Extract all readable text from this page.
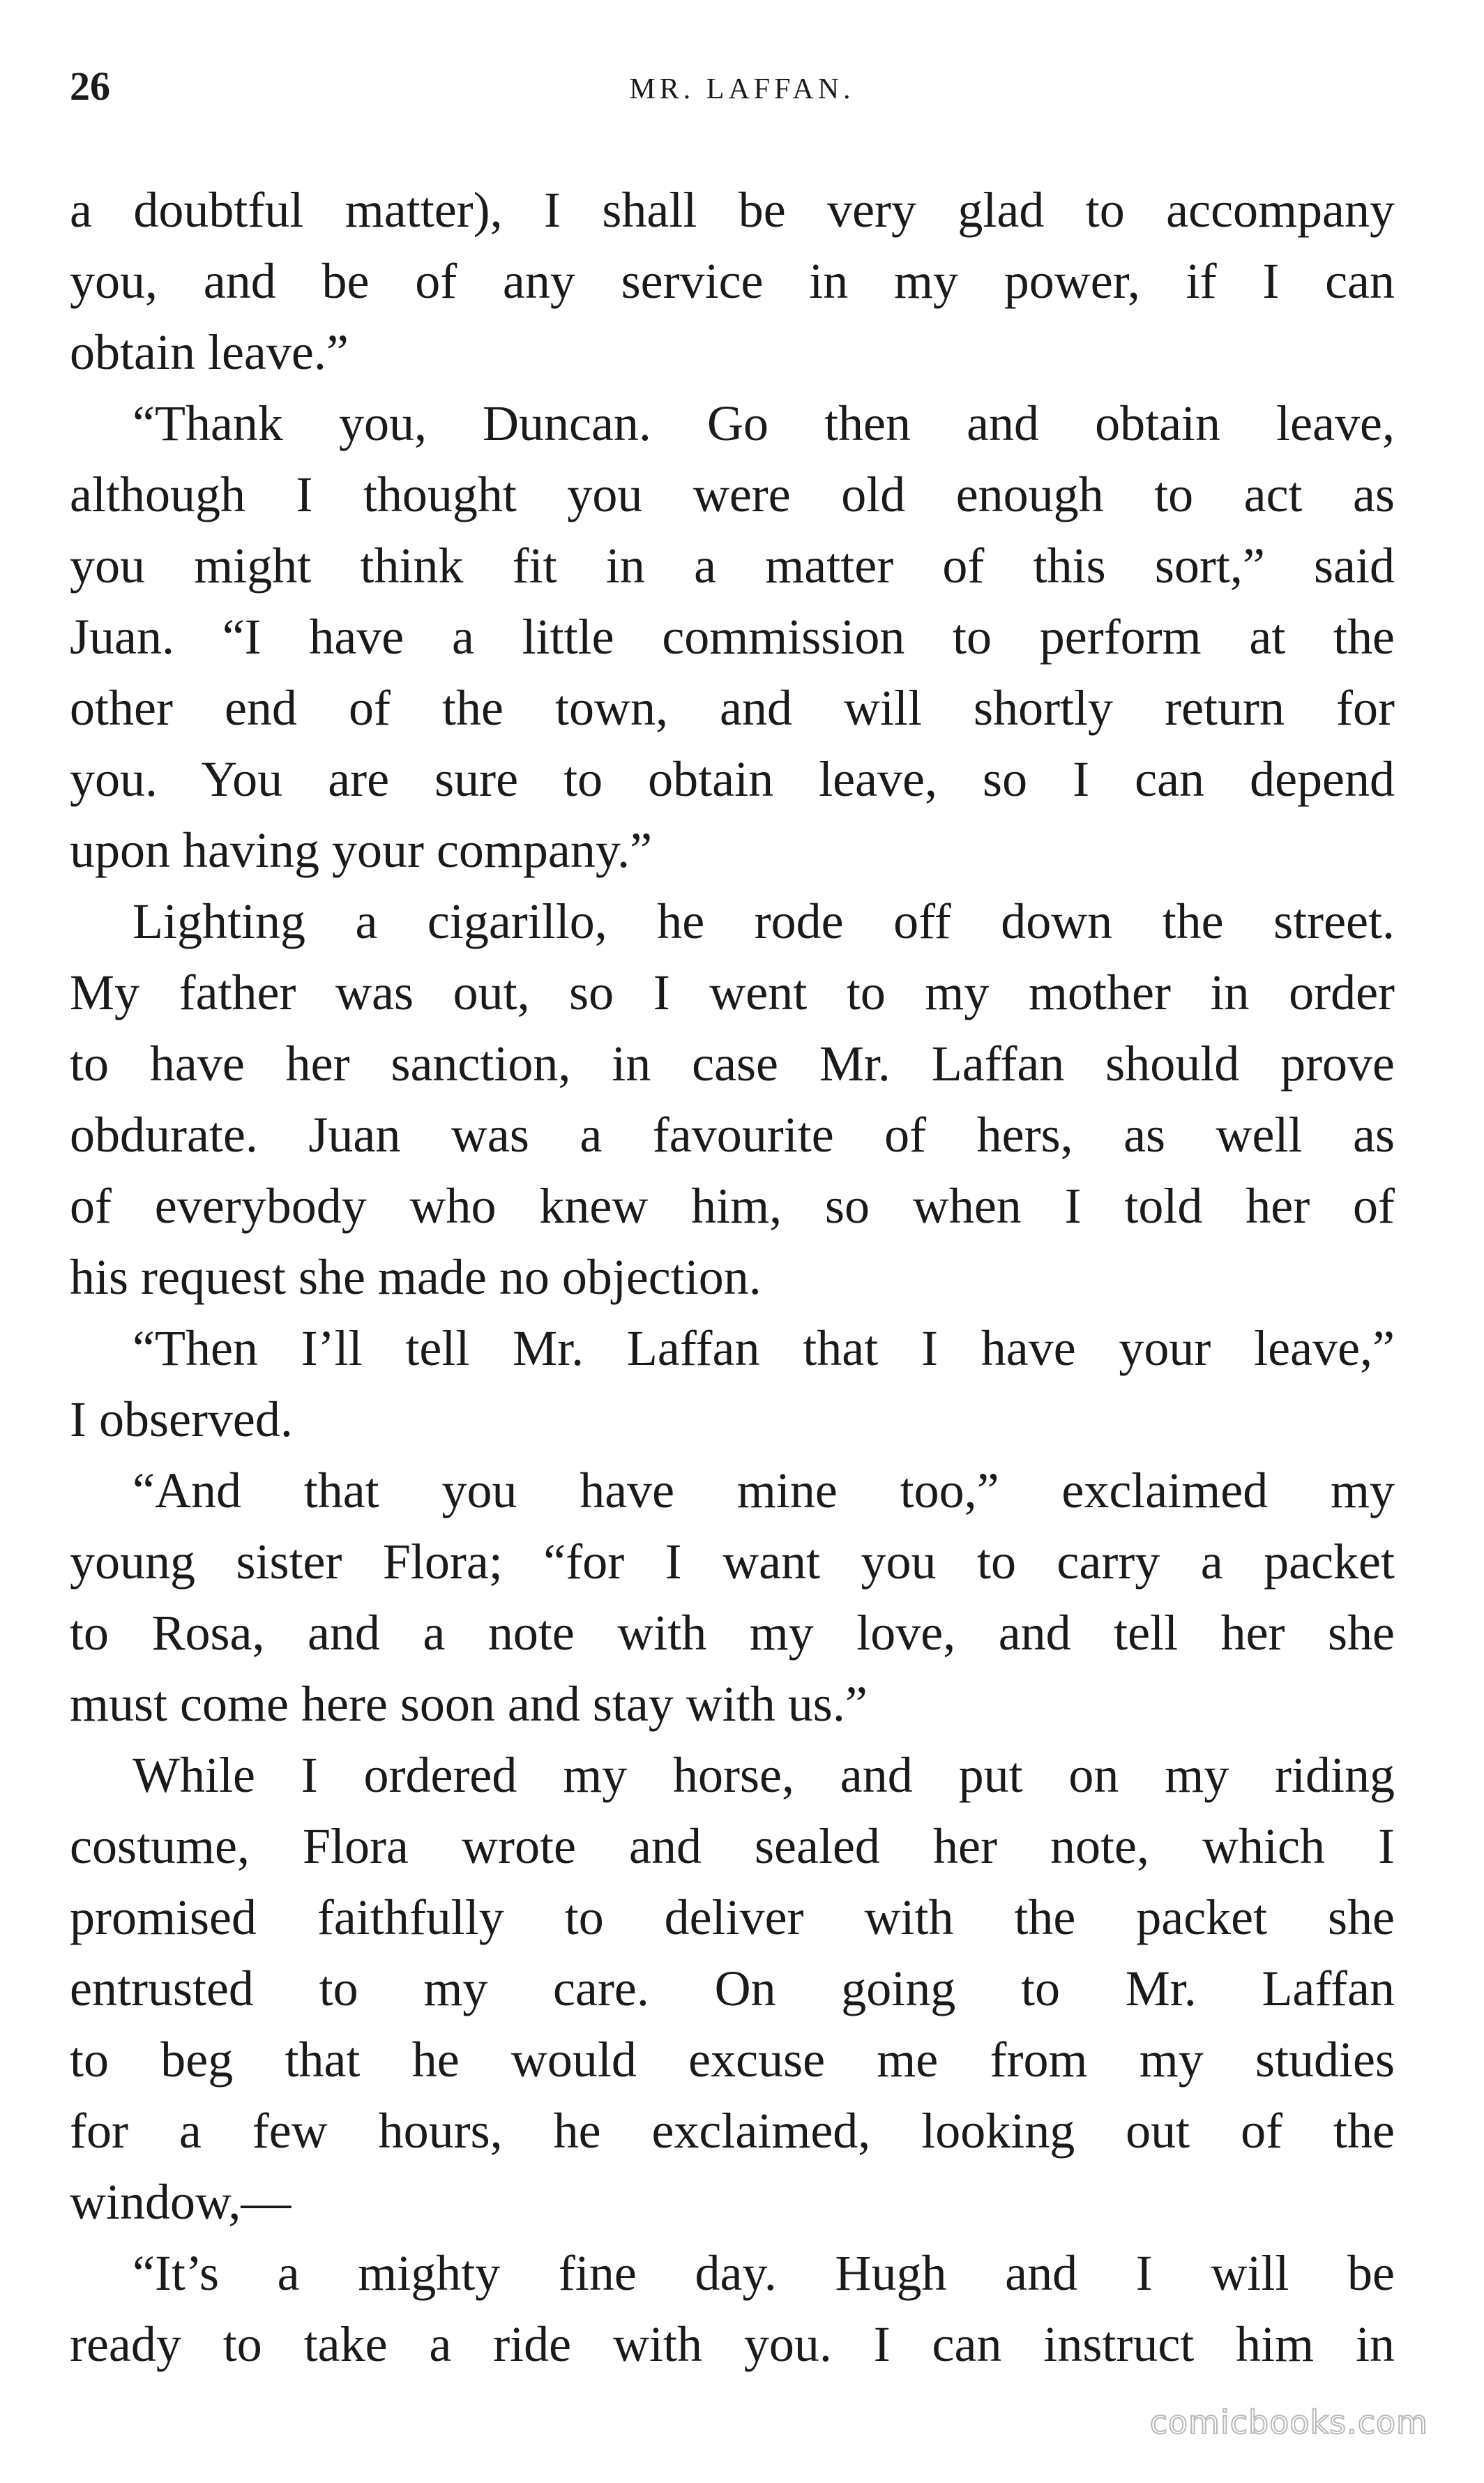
26	MR. LAFFAN.
a doubtful matter), I shall be very glad to accompany
you, and be of any service in my power, if I can
obtain leave.”
“Thank you, Duncan. Go then and obtain leave,
although I thought you were old enough to act as
you might think fit in a matter of this sort,” said
Juan. “I have a little commission to perform at the
other end of the town, and will shortly return for
you. You are sure to obtain leave, so I can depend
upon having your company.”
Lighting a cigarillo, he rode off down the street.
My father was out, so I went to my mother in order
to have her sanction, in case Mr. Laffan should prove
obdurate. Juan was a favourite of hers, as well as
of everybody who knew him, so when I told her of
his request she made no objection.
“Then I’ll tell Mr. Laffan that I have your leave,”
I observed.
“And that you have mine too,” exclaimed my
young sister Flora; “for I want you to carry a packet
to Rosa, and a note with my love, and tell her she
must come here soon and stay with us.”
While I ordered my horse, and put on my riding
costume, Flora wrote and sealed her note, which I
promised faithfully to deliver with the packet she
entrusted to my care. On going to Mr. Laffan
to beg that he would excuse me from my studies
for a few hours, he exclaimed, looking out of the
window,—
“It’s a mighty fine day. Hugh and I will be
ready to take a ride with you. I can instruct him in
comicbooks.com
